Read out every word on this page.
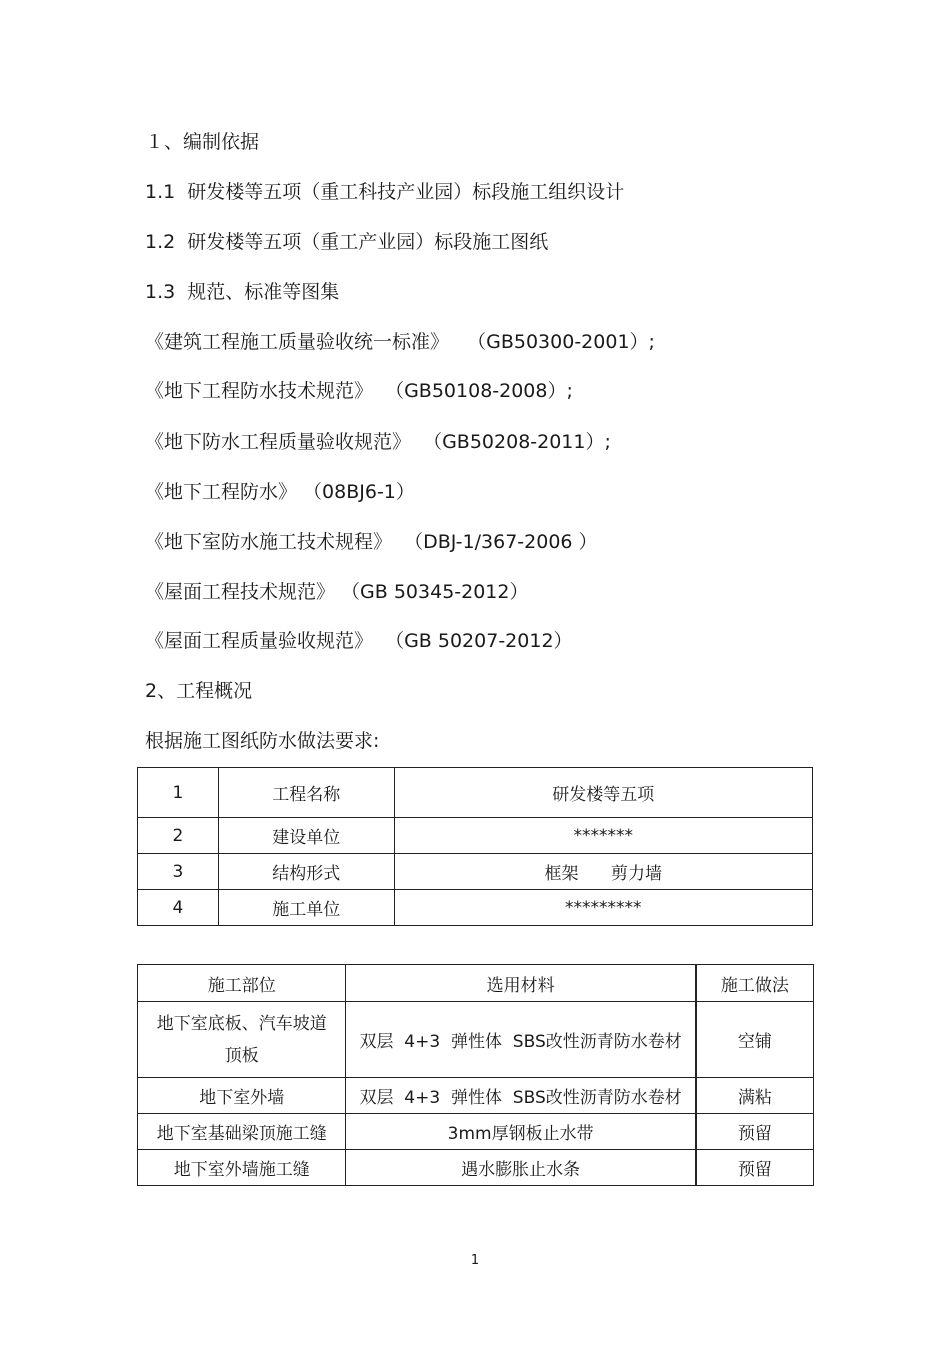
１、编制依据
1.1  研发楼等五项（重工科技产业园）标段施工组织设计
1.2  研发楼等五项（重工产业园）标段施工图纸
1.3  规范、标准等图集
《建筑工程施工质量验收统一标准》   （GB50300-2001）;
《地下工程防水技术规范》  （GB50108-2008）;
《地下防水工程质量验收规范》  （GB50208-2011）;
《地下工程防水》 （08BJ6-1）
《地下室防水施工技术规程》  （DBJ-1/367-2006 ）
《屋面工程技术规范》 （GB 50345-2012）
《屋面工程质量验收规范》  （GB 50207-2012）
2、工程概况
根据施工图纸防水做法要求:
1	工程名称	研发楼等五项
2	建设单位	*******
3	结构形式	框架      剪力墙
4	施工单位	*********
施工部位	选用材料	施工做法
地下室底板、汽车坡道
顶板	双层  4+3  弹性体  SBS改性沥青防水卷材	空铺
地下室外墙	双层  4+3  弹性体  SBS改性沥青防水卷材	满粘
地下室基础梁顶施工缝	3mm厚钢板止水带	预留
地下室外墙施工缝	遇水膨胀止水条	预留
1
